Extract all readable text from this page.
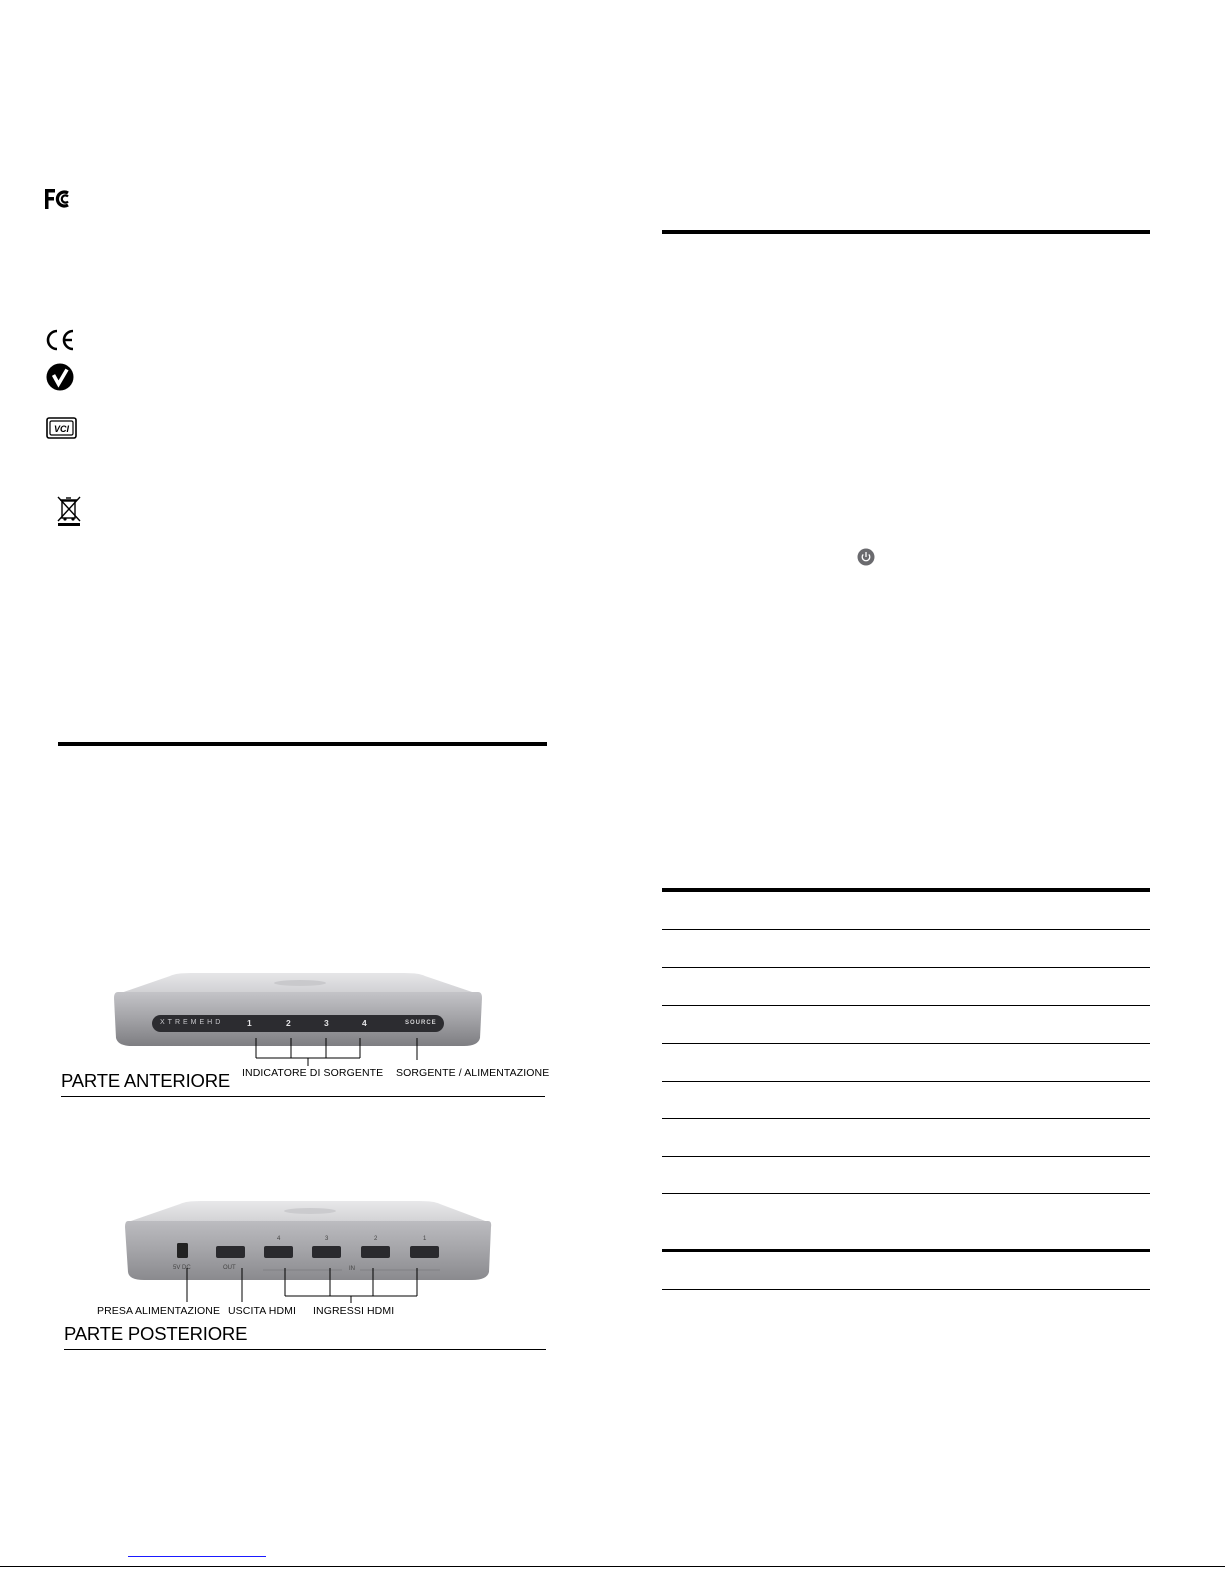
VCI
XTREMEHD	1	2	3	4	SOURCE
INDICATORE DI SORGENTE SORGENTE / ALIMENTAZIONE
PARTE ANTERIORE
5V DC	OUT	IN
4	3	2	1
PRESA ALIMENTAZIONE USCITA HDMI INGRESSI HDMI
PARTE POSTERIORE
